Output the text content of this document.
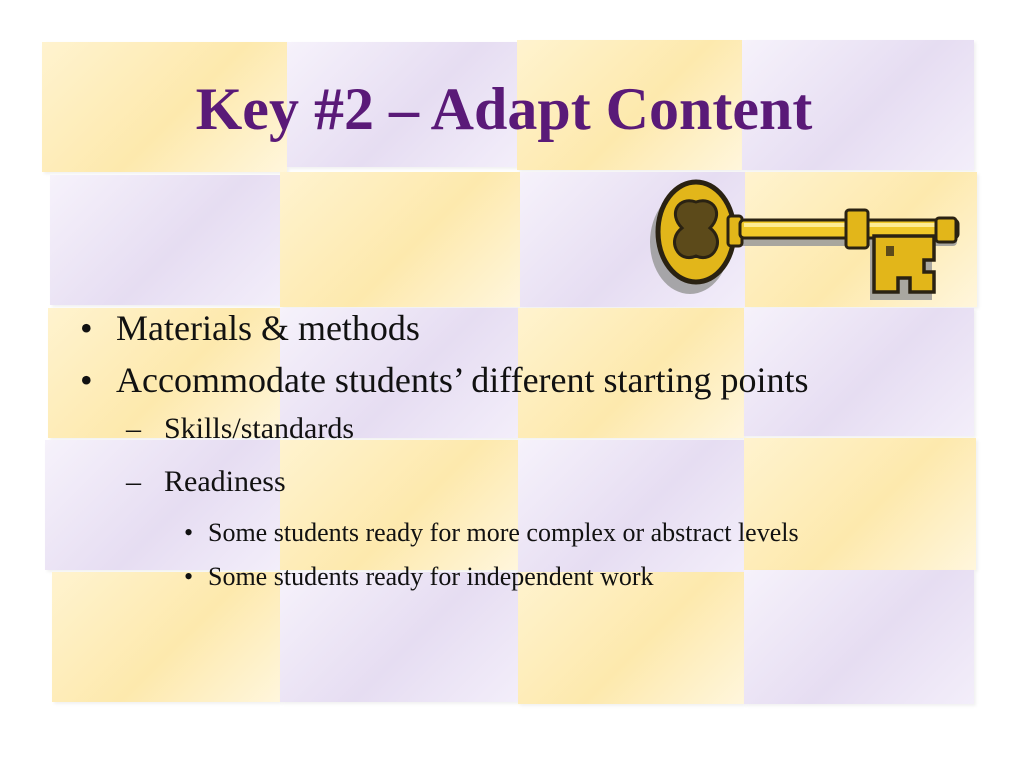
Key #2 – Adapt Content
• Materials & methods
• Accommodate students’ different starting points
– Skills/standards
– Readiness
• Some students ready for more complex or abstract levels
• Some students ready for independent work
